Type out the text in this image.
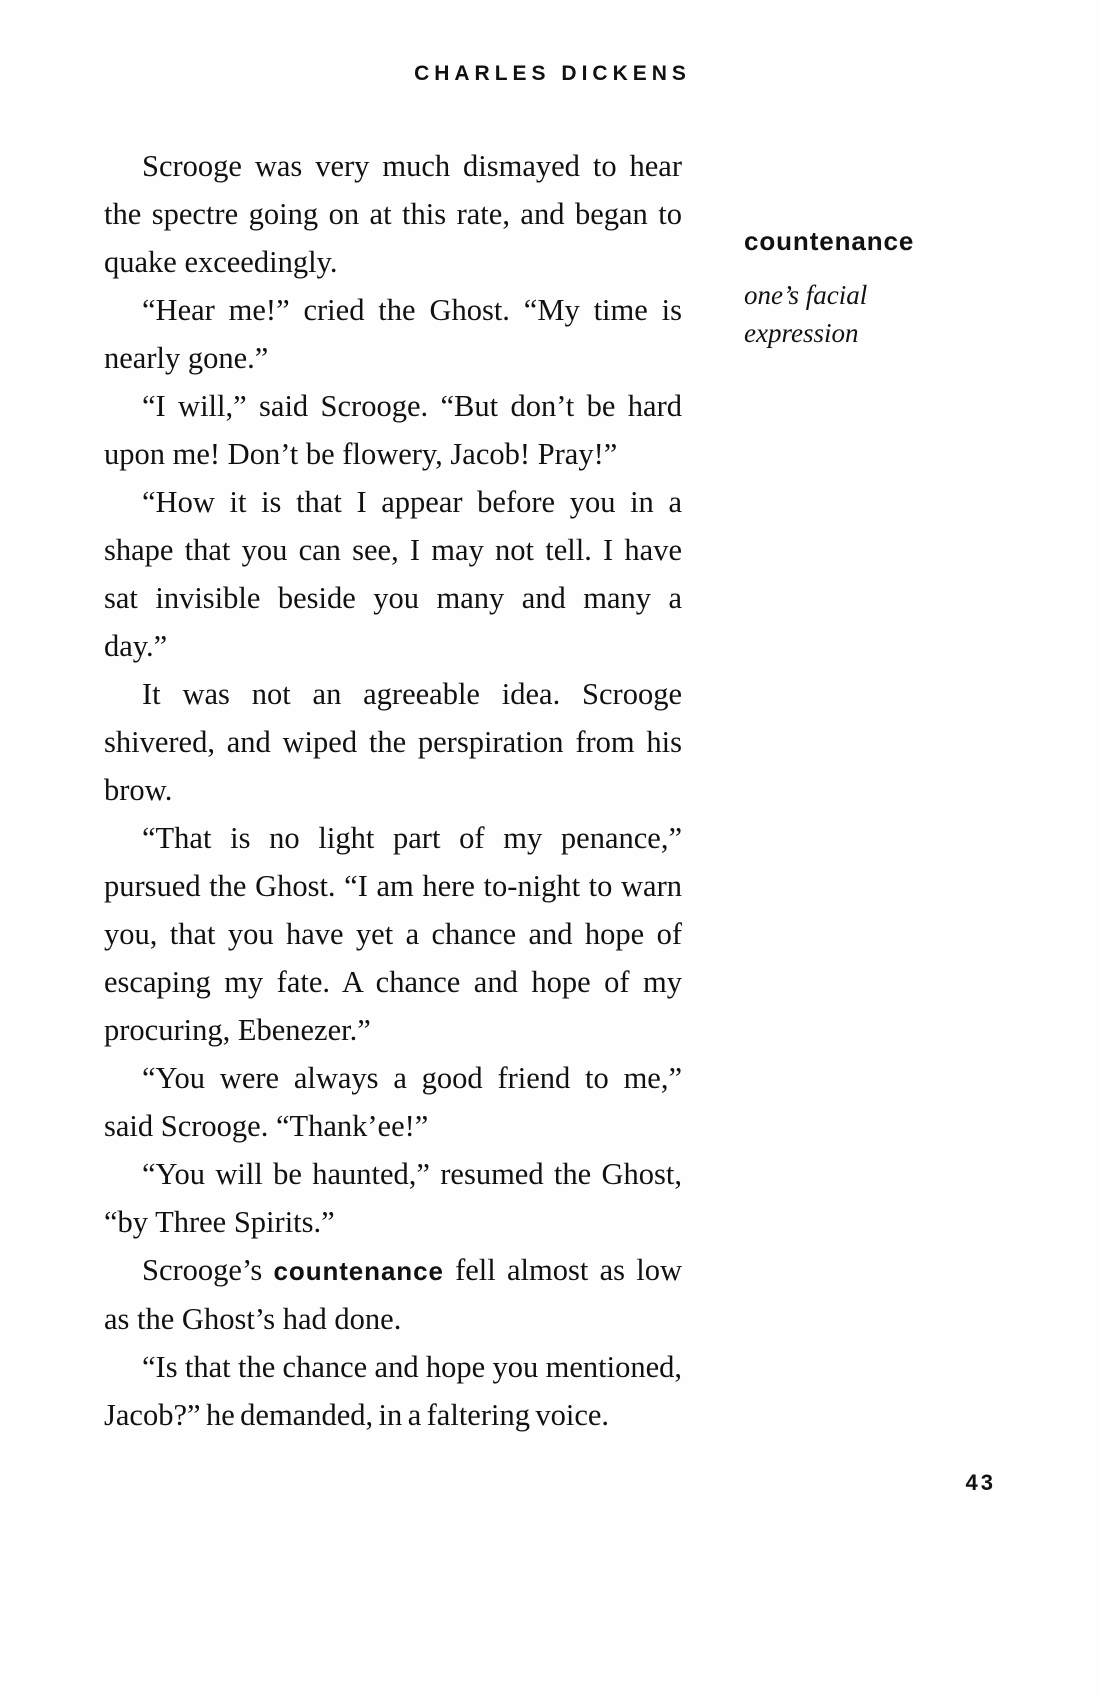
CHARLES DICKENS

Scrooge was very much dismayed to hear the spectre going on at this rate, and began to quake exceedingly.

“Hear me!” cried the Ghost. “My time is nearly gone.”

“I will,” said Scrooge. “But don’t be hard upon me! Don’t be flowery, Jacob! Pray!”

“How it is that I appear before you in a shape that you can see, I may not tell. I have sat invisible beside you many and many a day.”

It was not an agreeable idea. Scrooge shivered, and wiped the perspiration from his brow.

“That is no light part of my penance,” pursued the Ghost. “I am here to-night to warn you, that you have yet a chance and hope of escaping my fate. A chance and hope of my procuring, Ebenezer.”

“You were always a good friend to me,” said Scrooge. “Thank’ee!”

“You will be haunted,” resumed the Ghost, “by Three Spirits.”

Scrooge’s countenance fell almost as low as the Ghost’s had done.

“Is that the chance and hope you mentioned, Jacob?” he demanded, in a faltering voice.

countenance
one’s facial expression
43
